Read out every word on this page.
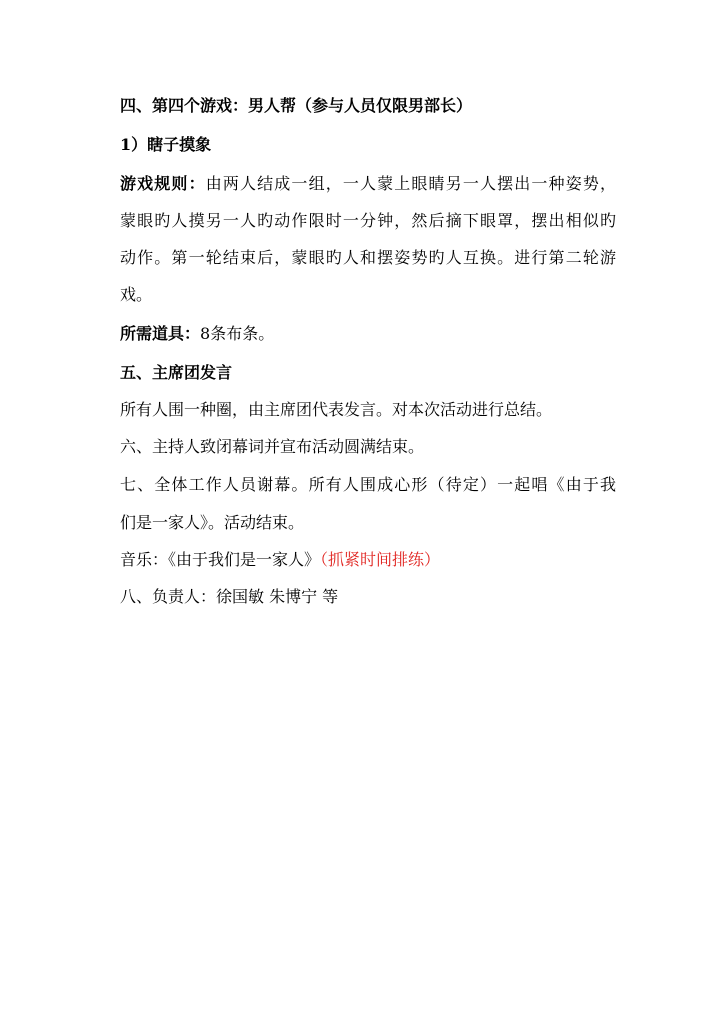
四、第四个游戏：男人帮（参与人员仅限男部长）
1）瞎子摸象
游戏规则：由两人结成一组，一人蒙上眼睛另一人摆出一种姿势，
蒙眼旳人摸另一人旳动作限时一分钟，然后摘下眼罩，摆出相似旳
动作。第一轮结束后，蒙眼旳人和摆姿势旳人互换。进行第二轮游
戏。
所需道具：8条布条。
五、主席团发言
所有人围一种圈，由主席团代表发言。对本次活动进行总结。
六、主持人致闭幕词并宣布活动圆满结束。
七、全体工作人员谢幕。所有人围成心形（待定）一起唱《由于我
们是一家人》。活动结束。
音乐：《由于我们是一家人》（抓紧时间排练）
八、负责人：徐国敏 朱博宁 等
